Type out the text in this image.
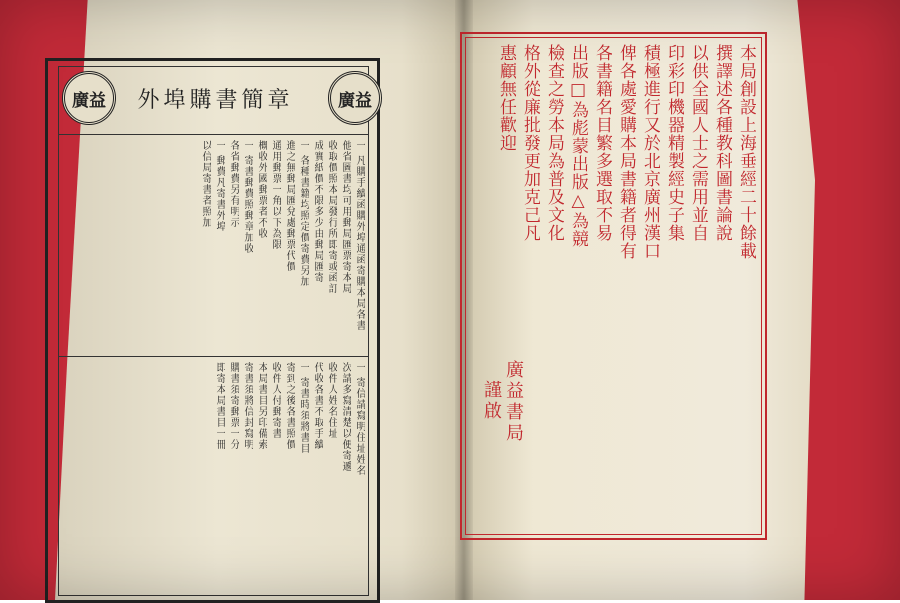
廣益	外埠購書簡章	廣益
一 凡購手續函購外埠通函寄購本局各書
他省圖書均可用郵局匯票寄本局
收取價照本局發行所即寄或函訂
成實紙價不限多少由郵局匯寄
一 各種書籍均照定價寄費另加
進之無郵局匯兌處郵票代價
通用郵票一角以下為限
概收外國郵票者不收
一 寄書郵費照郵章加收
各省郵費另有明示
一 郵費凡寄書外埠
以信局寄書者照加
一 寄信請寫明住址姓名
次請多寫清楚以便寄遞
收件人姓名住址
代收各書不取手續
一 寄書時須將書目
寄到之後各書照價
收件人付郵寄書
本局書目另印備索
寄書須將信封寫明
購書須寄郵票一分
即寄本局書目一冊
本局創設上海垂經二十餘載
撰譯述各種教科圖書論說
以供全國人士之需用並自
印彩印機器精製經史子集
積極進行又於北京廣州漢口
俾各處愛購本局書籍者得有
各書籍名目繁多選取不易
出版□為彪蒙出版△為競
檢查之勞本局為普及文化
格外從廉批發更加克己凡
惠顧無任歡迎
廣益書局
謹啟
